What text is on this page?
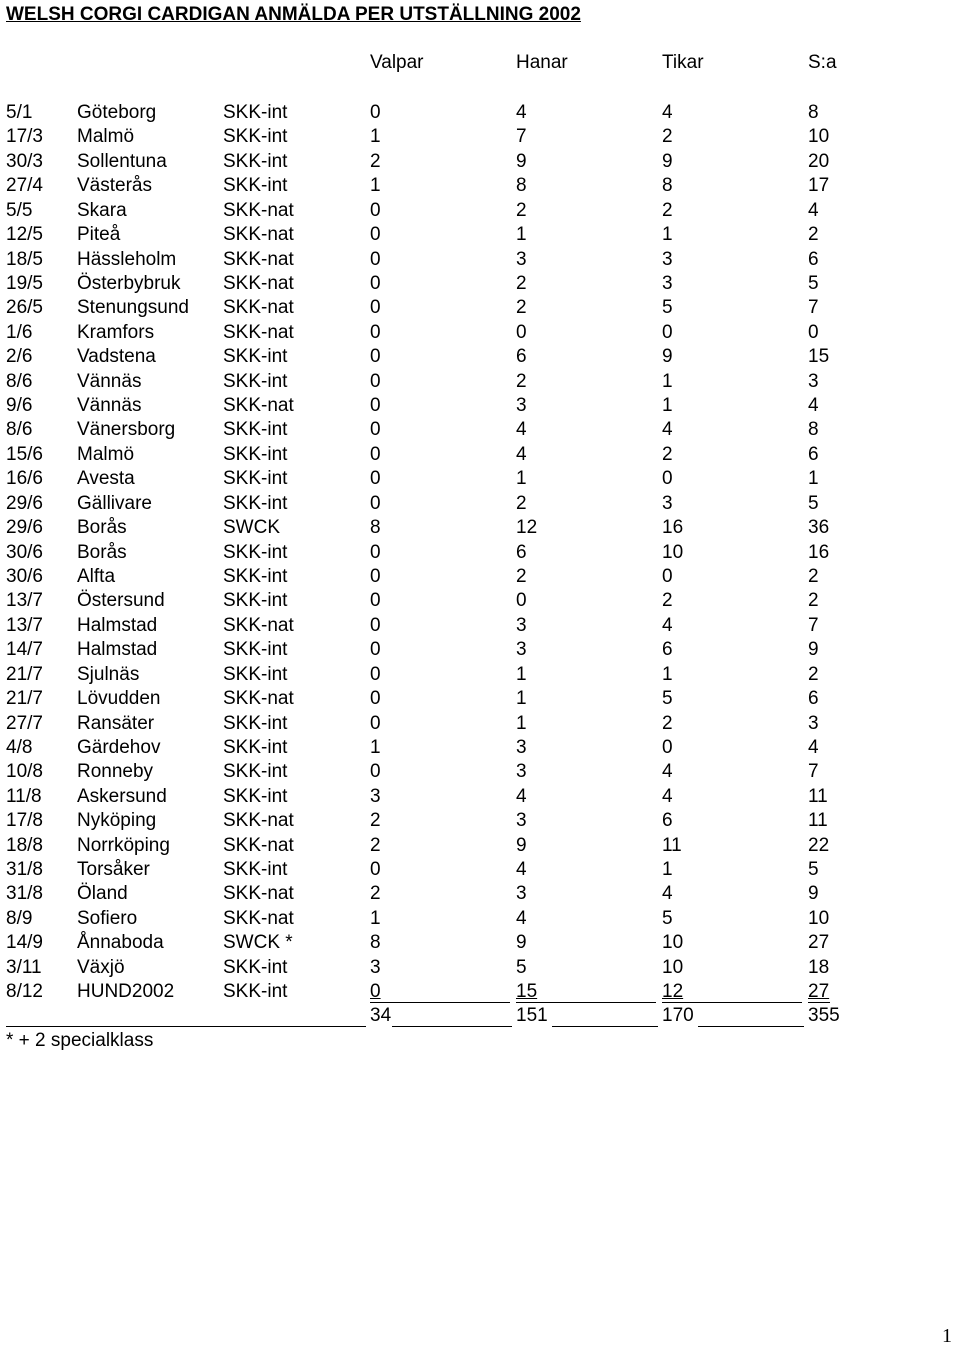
WELSH CORGI CARDIGAN ANMÄLDA PER UTSTÄLLNING 2002
Valpar	Hanar	Tikar	S:a
5/1 Göteborg	SKK-int	0	4	4	8
17/3 Malmö	SKK-int	1	7	2	10
30/3 Sollentuna	SKK-int	2	9	9	20
27/4 Västerås	SKK-int	1	8	8	17
5/5 Skara	SKK-nat	0	2	2	4
12/5 Piteå	SKK-nat	0	1	1	2
18/5 Hässleholm SKK-nat	0	3	3	6
19/5 Österbybruk SKK-nat	0	2	3	5
26/5 Stenungsund SKK-nat	0	2	5	7
1/6 Kramfors	SKK-nat	0	0	0	0
2/6 Vadstena	SKK-int	0	6	9	15
8/6 Vännäs	SKK-int	0	2	1	3
9/6 Vännäs	SKK-nat	0	3	1	4
8/6 Vänersborg	SKK-int	0	4	4	8
15/6 Malmö	SKK-int	0	4	2	6
16/6 Avesta	SKK-int	0	1	0	1
29/6 Gällivare	SKK-int	0	2	3	5
29/6 Borås	SWCK	8	12	16	36
30/6 Borås	SKK-int	0	6	10	16
30/6 Alfta	SKK-int	0	2	0	2
13/7 Östersund	SKK-int	0	0	2	2
13/7 Halmstad	SKK-nat	0	3	4	7
14/7 Halmstad	SKK-int	0	3	6	9
21/7 Sjulnäs	SKK-int	0	1	1	2
21/7 Lövudden	SKK-nat	0	1	5	6
27/7 Ransäter	SKK-int	0	1	2	3
4/8 Gärdehov	SKK-int	1	3	0	4
10/8 Ronneby	SKK-int	0	3	4	7
11/8 Askersund	SKK-int	3	4	4	11
17/8 Nyköping	SKK-nat	2	3	6	11
18/8 Norrköping	SKK-nat	2	9	11	22
31/8 Torsåker	SKK-int	0	4	1	5
31/8 Öland	SKK-nat	2	3	4	9
8/9 Sofiero	SKK-nat	1	4	5	10
14/9 Ånnaboda	SWCK *	8	9	10	27
3/11 Växjö	SKK-int	3	5	10	18
8/12 HUND2002	SKK-int	0	15	12	27
34	151	170	355
* + 2 specialklass
1
